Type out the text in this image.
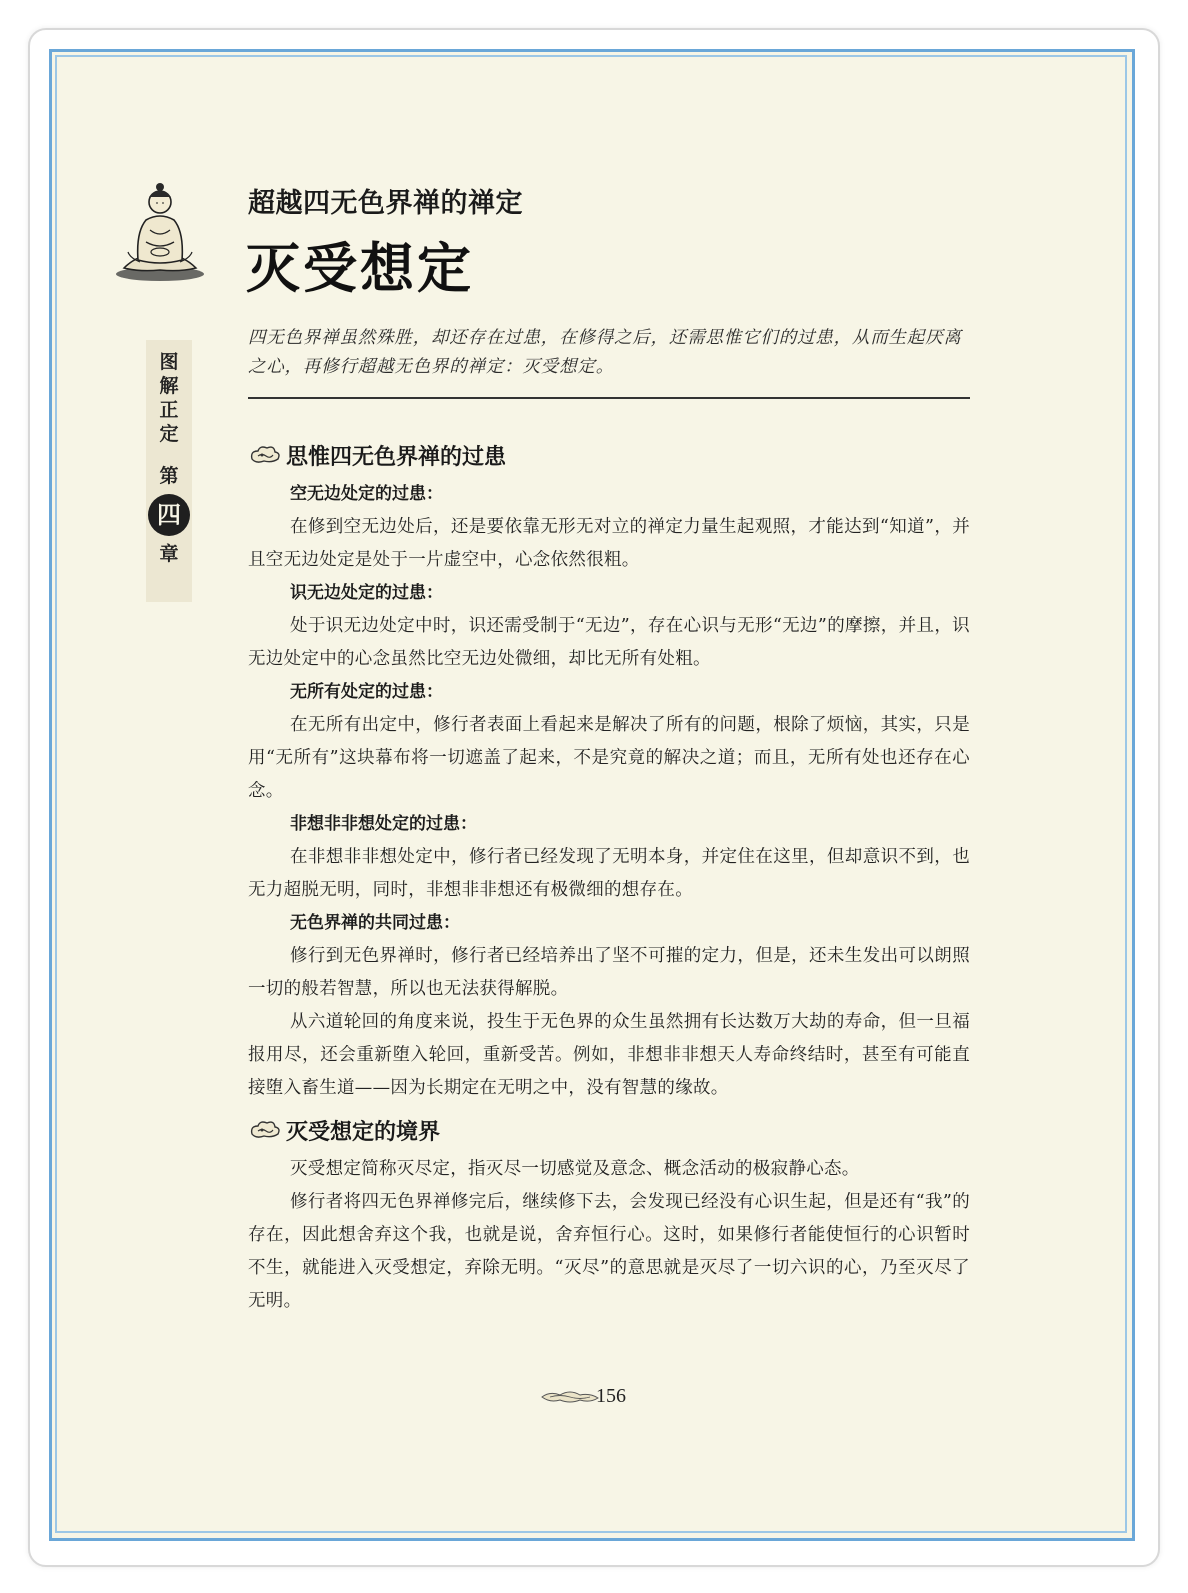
图
解
正
定
第
四
章
超越四无色界禅的禅定
灭受想定

四无色界禅虽然殊胜，却还存在过患，在修得之后，还需思惟它们的过患，从而生起厌离之心，再修行超越无色界的禅定：灭受想定。

思惟四无色界禅的过患

空无边处定的过患：

在修到空无边处后，还是要依靠无形无对立的禅定力量生起观照，才能达到“知道”，并且空无边处定是处于一片虚空中，心念依然很粗。

识无边处定的过患：

处于识无边处定中时，识还需受制于“无边”，存在心识与无形“无边”的摩擦，并且，识无边处定中的心念虽然比空无边处微细，却比无所有处粗。

无所有处定的过患：

在无所有出定中，修行者表面上看起来是解决了所有的问题，根除了烦恼，其实，只是用“无所有”这块幕布将一切遮盖了起来，不是究竟的解决之道；而且，无所有处也还存在心念。

非想非非想处定的过患：

在非想非非想处定中，修行者已经发现了无明本身，并定住在这里，但却意识不到，也无力超脱无明，同时，非想非非想还有极微细的想存在。

无色界禅的共同过患：

修行到无色界禅时，修行者已经培养出了坚不可摧的定力，但是，还未生发出可以朗照一切的般若智慧，所以也无法获得解脱。

从六道轮回的角度来说，投生于无色界的众生虽然拥有长达数万大劫的寿命，但一旦福报用尽，还会重新堕入轮回，重新受苦。例如，非想非非想天人寿命终结时，甚至有可能直接堕入畜生道——因为长期定在无明之中，没有智慧的缘故。

灭受想定的境界

灭受想定简称灭尽定，指灭尽一切感觉及意念、概念活动的极寂静心态。

修行者将四无色界禅修完后，继续修下去，会发现已经没有心识生起，但是还有“我”的存在，因此想舍弃这个我，也就是说，舍弃恒行心。这时，如果修行者能使恒行的心识暂时不生，就能进入灭受想定，弃除无明。“灭尽”的意思就是灭尽了一切六识的心，乃至灭尽了无明。

156
